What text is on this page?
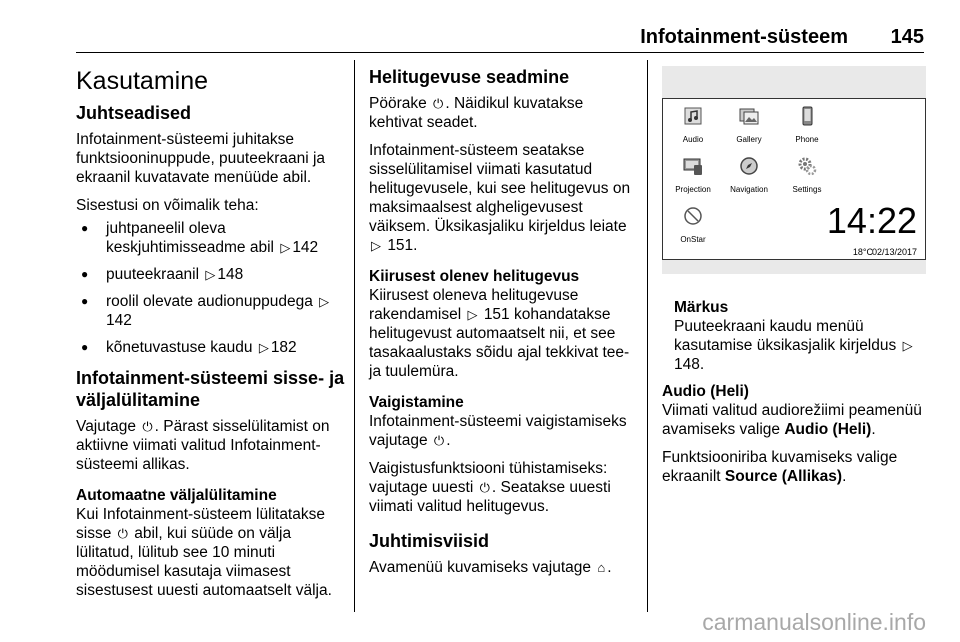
Infotainment-süsteem 145
Kasutamine
Juhtseadised

Infotainment-süsteemi juhitakse funktsiooninuppude, puuteekraani ja ekraanil kuvatavate menüüde abil.

Sisestusi on võimalik teha:

● juhtpaneelil oleva keskjuhtimisseadme abil ▷ 142
● puuteekraanil ▷ 148
● roolil olevate audionuppudega ▷142
● kõnetuvastuse kaudu ▷ 182
Infotainment-süsteemi sisse- ja väljalülitamine

Vajutage ⏻ . Pärast sisselülitamist on aktiivne viimati valitud Infotainment-süsteemi allikas.

Automaatne väljalülitamine

Kui Infotainment-süsteem lülitatakse sisse ⏻ abil, kui süüde on välja lülitatud, lülitub see 10 minuti möödumisel kasutaja viimasest sisestusest uuesti automaatselt välja.

Helitugevuse seadmine

Pöörake ⏻ . Näidikul kuvatakse kehtivat seadet.

Infotainment-süsteem seatakse sisselülitamisel viimati kasutatud helitugevusele, kui see helitugevus on maksimaalsest algheligevusest väiksem. Üksikasjaliku kirjeldus leiate ▷ 151.

Kiirusest olenev helitugevus

Kiirusest oleneva helitugevuse rakendamisel ▷ 151 kohandatakse helitugevust automaatselt nii, et see tasakaalustaks sõidu ajal tekkivat tee- ja tuulemüra.

Vaigistamine

Infotainment-süsteemi vaigistamiseks vajutage ⏻ .

Vaigistusfunktsiooni tühistamiseks: vajutage uuesti ⏻ . Seatakse uuesti viimati valitud helitugevus.

Juhtimisviisid

Avamenüü kuvamiseks vajutage ⌂ .

Audio	Gallery	Phone
Projection	Navigation	Settings
OnStar	14:22
18°C
02/13/2017
Märkus
Puuteekraani kaudu menüü kasutamise üksikasjalik kirjeldus ▷ 148.
Audio (Heli)

Viimati valitud audiorežiimi peamenüü avamiseks valige Audio (Heli).

Funktsiooniriba kuvamiseks valige ekraanilt Source (Allikas).

carmanualsonline.info
